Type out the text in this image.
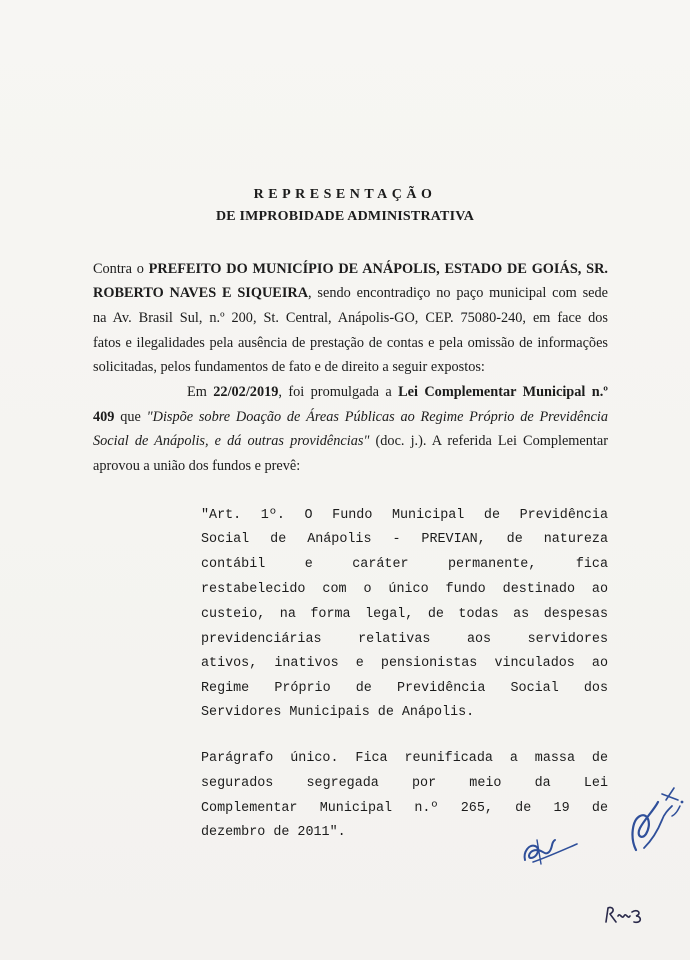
REPRESENTAÇÃO
DE IMPROBIDADE ADMINISTRATIVA
Contra o PREFEITO DO MUNICÍPIO DE ANÁPOLIS, ESTADO DE GOIÁS, SR.
ROBERTO NAVES E SIQUEIRA, sendo encontradiço no paço municipal com sede
na Av. Brasil Sul, n.º 200, St. Central, Anápolis-GO, CEP. 75080-240, em face dos
fatos e ilegalidades pela ausência de prestação de contas e pela omissão de informações
solicitadas, pelos fundamentos de fato e de direito a seguir expostos:
Em 22/02/2019, foi promulgada a Lei Complementar Municipal n.º
409 que "Dispõe sobre Doação de Áreas Públicas ao Regime Próprio de Previdência
Social de Anápolis, e dá outras providências" (doc. j.). A referida Lei Complementar
aprovou a união dos fundos e prevê:
"Art. 1º. O Fundo Municipal de Previdência
Social de Anápolis - PREVIAN, de natureza
contábil e caráter permanente, fica
restabelecido com o único fundo destinado ao
custeio, na forma legal, de todas as despesas
previdenciárias relativas aos servidores
ativos, inativos e pensionistas vinculados ao
Regime Próprio de Previdência Social dos
Servidores Municipais de Anápolis.
Parágrafo único. Fica reunificada a massa de
segurados segregada por meio da Lei
Complementar Municipal n.º 265, de 19 de
dezembro de 2011".
